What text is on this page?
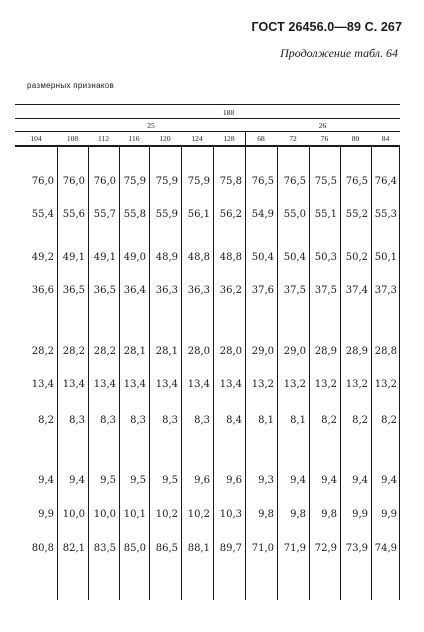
ГОСТ 26456.0—89 С. 267
Продолжение табл. 64
размерных признаков
188
25	26
104	108	112	116	120	124	128	68	72	76	80	84
76,0 76,0 76,0 75,9 75,9 75,9 75,8 76,5 76,5 75,5 76,5 76,4
55,4 55,6 55,7 55,8 55,9 56,1 56,2 54,9 55,0 55,1 55,2 55,3
49,2 49,1 49,1 49,0 48,9 48,8 48,8 50,4 50,4 50,3 50,2 50,1
36,6 36,5 36,5 36,4 36,3 36,3 36,2 37,6 37,5 37,5 37,4 37,3
28,2 28,2 28,2 28,1 28,1 28,0 28,0 29,0 29,0 28,9 28,9 28,8
13,4 13,4 13,4 13,4 13,4 13,4 13,4 13,2 13,2 13,2 13,2 13,2
8,2	8,3	8,3	8,3	8,3	8,3	8,4	8,1	8,1	8,2	8,2	8,2
9,4	9,4	9,5	9,5	9,5	9,6	9,6	9,3	9,4	9,4	9,4	9,4
9,9 10,0 10,0 10,1 10,2 10,2 10,3	9,8	9,8	9,8	9,9	9,9
80,8 82,1 83,5 85,0 86,5 88,1 89,7 71,0 71,9 72,9 73,9 74,9
